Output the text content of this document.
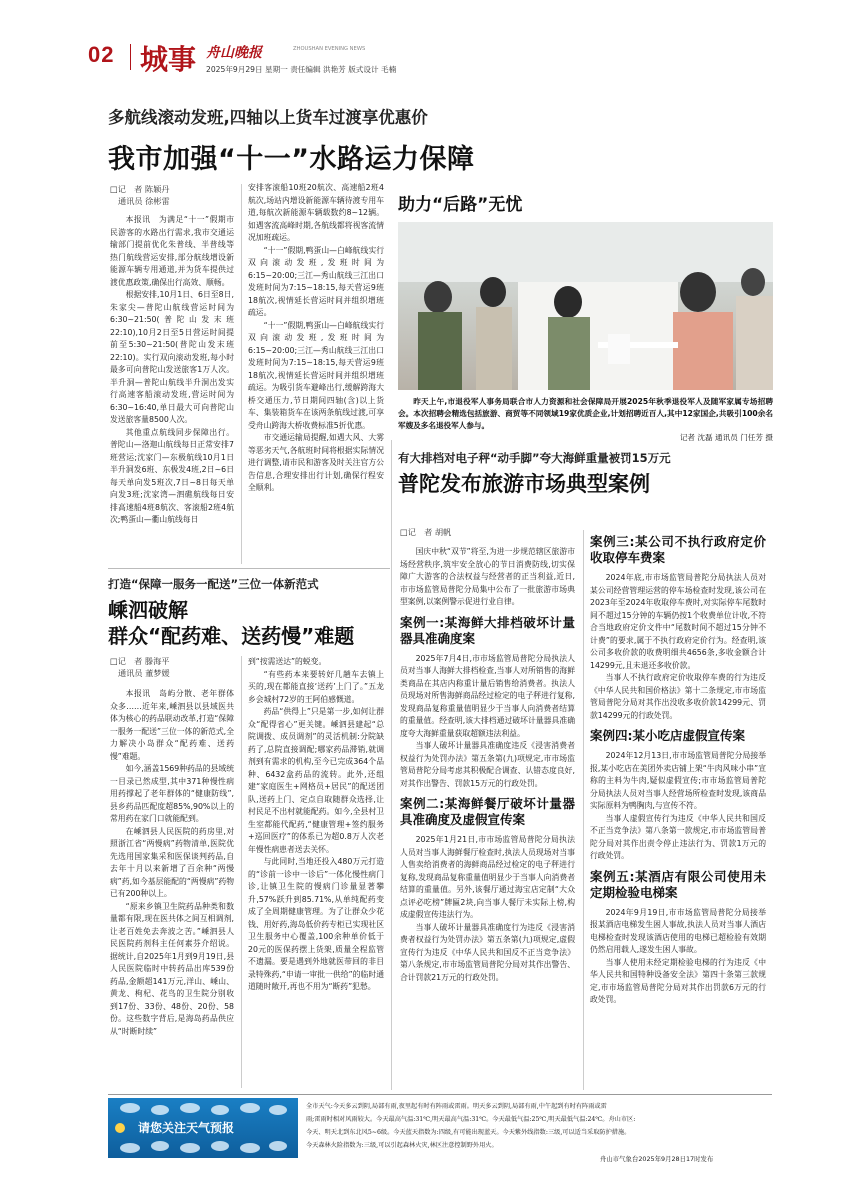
02 城事 舟山晚报	ZHOUSHAN EVENING NEWS
2025年9月29日 星期一 责任编辑 洪艳芳 版式设计 毛楠
多航线滚动发班,四轴以上货车过渡享优惠价
我市加强“十一”水路运力保障
□记　者 陈颖丹
通讯员 徐彬雷

本报讯　为满足“十一”假期市民游客的水路出行需求,我市交通运输部门提前优化朱普线、半普线等热门航线营运安排,部分航线增设新能源车辆专用通道,并为货车提供过渡优惠政策,确保出行高效、顺畅。

根据安排,10月1日、6日至8日,朱家尖—普陀山航线营运时间为6:30~21:50(普陀山发末班22:10),10月2日至5日营运时间提前至5:30~21:50(普陀山发末班22:10)。实行双向滚动发班,每小时最多可向普陀山发送旅客1万人次。半升洞—普陀山航线半升洞出发实行高速客船滚动发班,营运时间为6:30~16:40,单日最大可向普陀山发送旅客量8500人次。

其他重点航线同步保障出行。普陀山—洛迦山航线每日正常安排7班营运;沈家门—东极航线10月1日半升洞发6班、东极发4班,2日~6日每天单向发5班次,7日~8日每天单向发3班;沈家湾—泗礁航线每日安排高速船4班8航次、客滚船2班4航次;鸭蛋山—衢山航线每日

安排客滚船10班20航次、高速船2班4航次,场站内增设新能源车辆待渡专用车道,每航次新能源车辆载数约8~12辆。如遇客流高峰时期,各航线都将视客流情况加班疏运。

“十一”假期,鸭蛋山—白峰航线实行双向滚动发班,发班时间为6:15~20:00;三江—秀山航线三江出口发班时间为7:15~18:15,每天营运9班18航次,视情延长营运时间并组织增班疏运。

“十一”假期,鸭蛋山—白峰航线实行双向滚动发班,发班时间为6:15~20:00;三江—秀山航线三江出口发班时间为7:15~18:15,每天营运9班18航次,视情延长营运时间并组织增班疏运。为吸引货车避峰出行,缓解跨海大桥交通压力,节日期间四轴(含)以上货车、集装箱货车在该两条航线过渡,可享受舟山跨海大桥收费标准5折优惠。

市交通运输局提醒,如遇大风、大雾等恶劣天气,各航班时间将根据实际情况进行调整,请市民和游客及时关注官方公告信息,合理安排出行计划,确保行程安全顺利。

助力“后路”无忧

昨天上午,市退役军人事务局联合市人力资源和社会保障局开展2025年秋季退役军人及随军家属专场招聘会。本次招聘会精选包括旅游、商贸等不同领域19家优质企业,计划招聘近百人,其中12家国企,共吸引100余名军嫂及多名退役军人参与。

记者 沈磊 通讯员 门任芳 摄

打造“保障一服务一配送”三位一体新范式
嵊泗破解
群众“配药难、送药慢”难题
□记　者 滕海平
通讯员 董梦媛

本报讯　岛屿分散、老年群体众多……近年来,嵊泗县以县域医共体为核心的药品联动改革,打造“保障一服务一配送”三位一体的新范式,全力解决小岛群众“配药难、送药慢”难题。

如今,涵盖1569种药品的县域统一目录已然成型,其中371种慢性病用药撑起了老年群体的“健康防线”,县乡药品匹配度超85%,90%以上的常用药在家门口就能配到。

在嵊泗县人民医院的药房里,对照浙江省“两慢病”药物清单,医院优先选用国家集采和医保谈判药品,自去年十月以来新增了百余种“两慢病”药,如今基层能配的“两慢病”药物已有200种以上。

“原来乡镇卫生院药品种类和数量都有限,现在医共体之间互相调剂,让老百姓免去奔波之苦。”嵊泗县人民医院药剂科主任何素芬介绍说。据统计,自2025年1月到9月19日,县人民医院临时中转药品出库539份药品,金额超141万元,洋山、嵊山、黄龙、枸杞、花鸟的卫生院分别收到17份、33份、48份、20份、58份。这些数字背后,是海岛药品供应从“时断时续”

到“按需送达”的蜕变。

“有些药本来要转好几趟车去镇上买的,现在都能直接‘送药’上门了。”五龙乡会城村72岁的王阿伯感慨道。

药品“供得上”只是第一步,如何让群众“配得省心”更关键。嵊泗县建起“总院调拨、成员调剂”的灵活机制:分院缺药了,总院直接调配;哪家药品滞销,就调剂到有需求的机构,至今已完成364个品种、6432盒药品的流转。此外,还组建“家庭医生+网格员+居民”的配送团队,送药上门、定点自取随群众选择,让村民足不出村就能配药。如今,全县村卫生室都能代配药,“健康管理+签约服务+巡回医疗”的体系已为超0.8万人次老年慢性病患者送去关怀。

与此同时,当地还投入480万元打造的“诊前一诊中一诊后”一体化慢性病门诊,让镇卫生院的慢病门诊量显著攀升,57%跃升到85.71%,从单纯配药变成了全周期健康管理。为了让群众少花钱、用好药,海岛低价药专柜已实现社区卫生服务中心覆盖,100余种单价低于20元的医保药摆上货架,质量全程监管不遗漏。要是遇到外地就医带回的非目录特殊药,“申请一审批一供给”的临时通道随时敞开,再也不用为“断药”犯愁。

有大排档对电子秤“动手脚”夸大海鲜重量被罚15万元
普陀发布旅游市场典型案例
□记　者 胡帆

国庆中秋“双节”将至,为进一步规范辖区旅游市场经营秩序,筑牢安全放心的节日消费防线,切实保障广大游客的合法权益与经营者的正当利益,近日,市市场监管局普陀分局集中公布了一批旅游市场典型案例,以案例警示促进行业自律。

案例一:某海鲜大排档破坏计量器具准确度案

2025年7月4日,市市场监管局普陀分局执法人员对当事人海鲜大排档检查,当事人对所销售的海鲜类商品在其店内称重计量后销售给消费者。执法人员现场对所售海鲜商品经过检定的电子秤进行复称,发现商品复称重量值明显少于当事人向消费者结算的重量值。经查明,该大排档通过破坏计量器具准确度夸大海鲜重量获取超额违法利益。

当事人破坏计量器具准确度违反《浸害消费者权益行为处罚办法》第五条第(九)项规定,市市场监管局普陀分局考虑其积极配合调查、认错态度良好,对其作出警告、罚款15万元的行政处罚。

案例二:某海鲜餐厅破坏计量器具准确度及虚假宣传案

2025年1月21日,市市场监管局普陀分局执法人员对当事人海鲜餐厅检查时,执法人员现场对当事人售卖给消费者的海鲜商品经过检定的电子秤进行复称,发现商品复称重量值明显少于当事人向消费者结算的重量值。另外,该餐厅通过海宝店定制“大众点评必吃榜”牌匾2块,向当事人餐厅未实际上榜,构成虚假宣传违法行为。

当事人破坏计量器具准确度行为违反《浸害消费者权益行为处罚办法》第五条第(九)项规定,虚假宣传行为违反《中华人民共和国反不正当竞争法》第八条规定,市市场监管局普陀分局对其作出警告、合计罚款21万元的行政处罚。

案例三:某公司不执行政府定价收取停车费案

2024年底,市市场监管局普陀分局执法人员对某公司经营管理运营的停车场检查时发现,该公司在2023年至2024年收取停车费时,对实际停车尾数时间不超过15分钟的车辆仍按1个收费单位计收,不符合当地政府定价文件中“尾数时间不超过15分钟不计费”的要求,属于不执行政府定价行为。经查明,该公司多收价款的收费明细共4656条,多收金额合计14299元,且未退还多收价款。

当事人不执行政府定价收取停车费的行为违反《中华人民共和国价格法》第十二条规定,市市场监管局普陀分局对其作出没收多收价款14299元、罚款14299元的行政处罚。

案例四:某小吃店虚假宣传案

2024年12月13日,市市场监管局普陀分局接举报,某小吃店在美团外卖店铺上架“牛肉风味小串”宣称的主料为牛肉,疑似虚假宣传;市市场监管局普陀分局执法人员对当事人经营场所检查时发现,该商品实际原料为鸭胸肉,与宣传不符。

当事人虚假宣传行为违反《中华人民共和国反不正当竞争法》第八条第一款规定,市市场监管局普陀分局对其作出责令停止违法行为、罚款1万元的行政处罚。

案例五:某酒店有限公司使用未定期检验电梯案

2024年9月19日,市市场监管局普陀分局接举报某酒店电梯发生困人事故,执法人员对当事人酒店电梯检查时发现该酒店使用的电梯已超检验有效期仍然启用载人,遂发生困人事故。

当事人使用未经定期检验电梯的行为违反《中华人民共和国特种设备安全法》第四十条第三款规定,市市场监管局普陀分局对其作出罚款6万元的行政处罚。

请您关注天气预报
全市天气:今天多云到阴,局部有雨,夜里起有时有阵雨或雷雨。明天多云到阴,局部有雨,中午起到有时有阵雨或雷
雨;雷雨时相对风雨较大。今天最高气温:31℃,明天最高气温:31℃。今天最低气温:25℃,明天最低气温:24℃。舟山市区:
今天、明天北到东北风5~6级。今天蓝天指数为:四级,有可能出现蓝天。今天紫外线指数:三级,可以适当采取防护措施。
今天森林火险指数为:三级,可以引起森林火灾,林区注意控制野外用火。
舟山市气象台2025年9月28日17时发布
